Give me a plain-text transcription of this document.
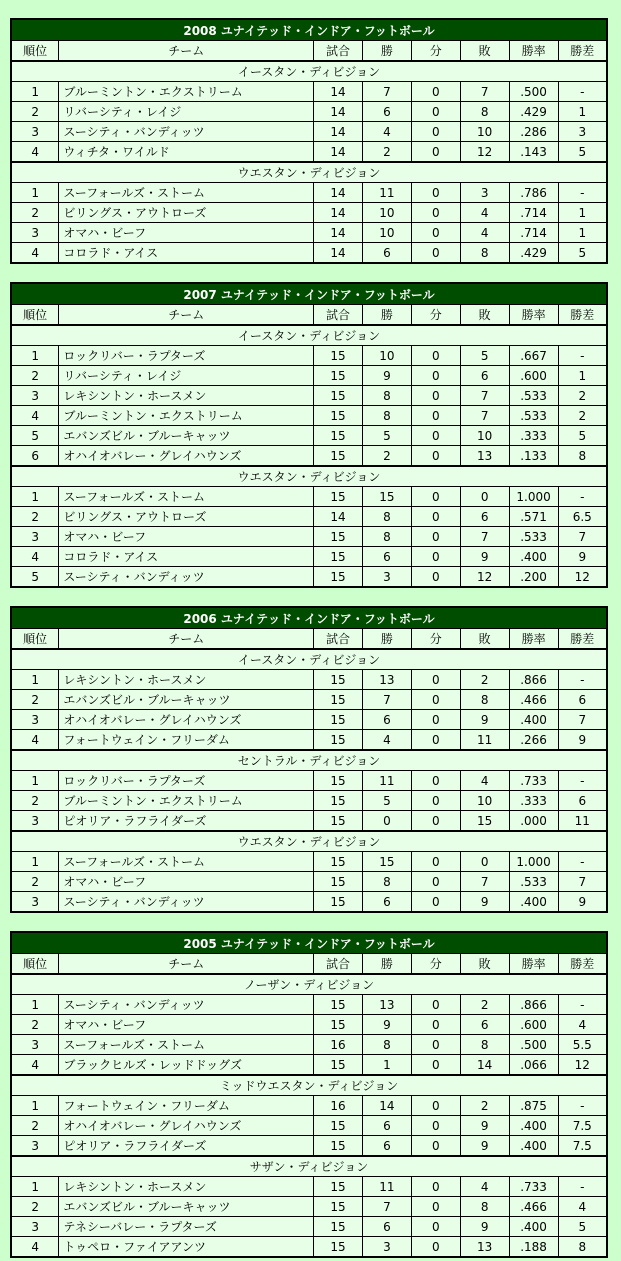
2008 ユナイテッド・インドア・フットボール							
順位	チーム	試合	勝	分	敗	勝率	勝差
イースタン・ディビジョン							
1	ブルーミントン・エクストリーム	14	7	0	7	.500	-
2	リバーシティ・レイジ	14	6	0	8	.429	1
3	スーシティ・バンディッツ	14	4	0	10	.286	3
4	ウィチタ・ワイルド	14	2	0	12	.143	5
ウエスタン・ディビジョン							
1	スーフォールズ・ストーム	14	11	0	3	.786	-
2	ビリングス・アウトローズ	14	10	0	4	.714	1
3	オマハ・ビーフ	14	10	0	4	.714	1
4	コロラド・アイス	14	6	0	8	.429	5
2007 ユナイテッド・インドア・フットボール							
順位	チーム	試合	勝	分	敗	勝率	勝差
イースタン・ディビジョン							
1	ロックリバー・ラプターズ	15	10	0	5	.667	-
2	リバーシティ・レイジ	15	9	0	6	.600	1
3	レキシントン・ホースメン	15	8	0	7	.533	2
4	ブルーミントン・エクストリーム	15	8	0	7	.533	2
5	エバンズビル・ブルーキャッツ	15	5	0	10	.333	5
6	オハイオバレー・グレイハウンズ	15	2	0	13	.133	8
ウエスタン・ディビジョン							
1	スーフォールズ・ストーム	15	15	0	0	1.000	-
2	ビリングス・アウトローズ	14	8	0	6	.571	6.5
3	オマハ・ビーフ	15	8	0	7	.533	7
4	コロラド・アイス	15	6	0	9	.400	9
5	スーシティ・バンディッツ	15	3	0	12	.200	12
2006 ユナイテッド・インドア・フットボール							
順位	チーム	試合	勝	分	敗	勝率	勝差
イースタン・ディビジョン							
1	レキシントン・ホースメン	15	13	0	2	.866	-
2	エバンズビル・ブルーキャッツ	15	7	0	8	.466	6
3	オハイオバレー・グレイハウンズ	15	6	0	9	.400	7
4	フォートウェイン・フリーダム	15	4	0	11	.266	9
セントラル・ディビジョン							
1	ロックリバー・ラプターズ	15	11	0	4	.733	-
2	ブルーミントン・エクストリーム	15	5	0	10	.333	6
3	ピオリア・ラフライダーズ	15	0	0	15	.000	11
ウエスタン・ディビジョン							
1	スーフォールズ・ストーム	15	15	0	0	1.000	-
2	オマハ・ビーフ	15	8	0	7	.533	7
3	スーシティ・バンディッツ	15	6	0	9	.400	9
2005 ユナイテッド・インドア・フットボール							
順位	チーム	試合	勝	分	敗	勝率	勝差
ノーザン・ディビジョン							
1	スーシティ・バンディッツ	15	13	0	2	.866	-
2	オマハ・ビーフ	15	9	0	6	.600	4
3	スーフォールズ・ストーム	16	8	0	8	.500	5.5
4	ブラックヒルズ・レッドドッグズ	15	1	0	14	.066	12
ミッドウエスタン・ディビジョン							
1	フォートウェイン・フリーダム	16	14	0	2	.875	-
2	オハイオバレー・グレイハウンズ	15	6	0	9	.400	7.5
3	ピオリア・ラフライダーズ	15	6	0	9	.400	7.5
サザン・ディビジョン							
1	レキシントン・ホースメン	15	11	0	4	.733	-
2	エバンズビル・ブルーキャッツ	15	7	0	8	.466	4
3	テネシーバレー・ラプターズ	15	6	0	9	.400	5
4	トゥペロ・ファイアアンツ	15	3	0	13	.188	8
